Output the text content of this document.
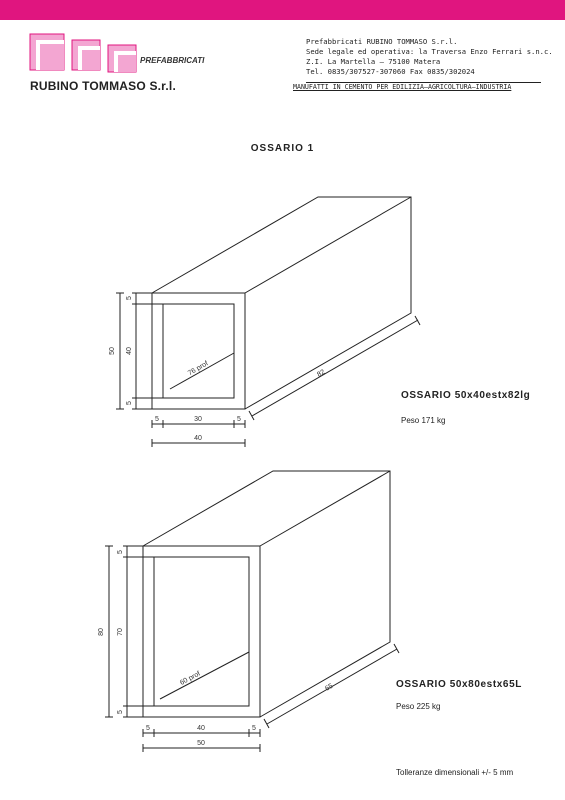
PREFABBRICATI
RUBINO TOMMASO S.r.l.
Prefabbricati RUBINO TOMMASO S.r.l.
Sede legale ed operativa: la Traversa Enzo Ferrari s.n.c.
Z.I. La Martella — 75100 Matera
Tel. 0835/307527-307060 Fax 0835/302024
MANUFATTI IN CEMENTO PER EDILIZIA—AGRICOLTURA—INDUSTRIA
OSSARIO 1
50
5
40
5
5	30	5
40
82
76 prof
80
5
70
5
5	40	5
50
65
60 prof
OSSARIO 50x40estx82lg
Peso 171 kg
OSSARIO 50x80estx65L
Peso 225 kg
Tolleranze dimensionali +/- 5 mm
